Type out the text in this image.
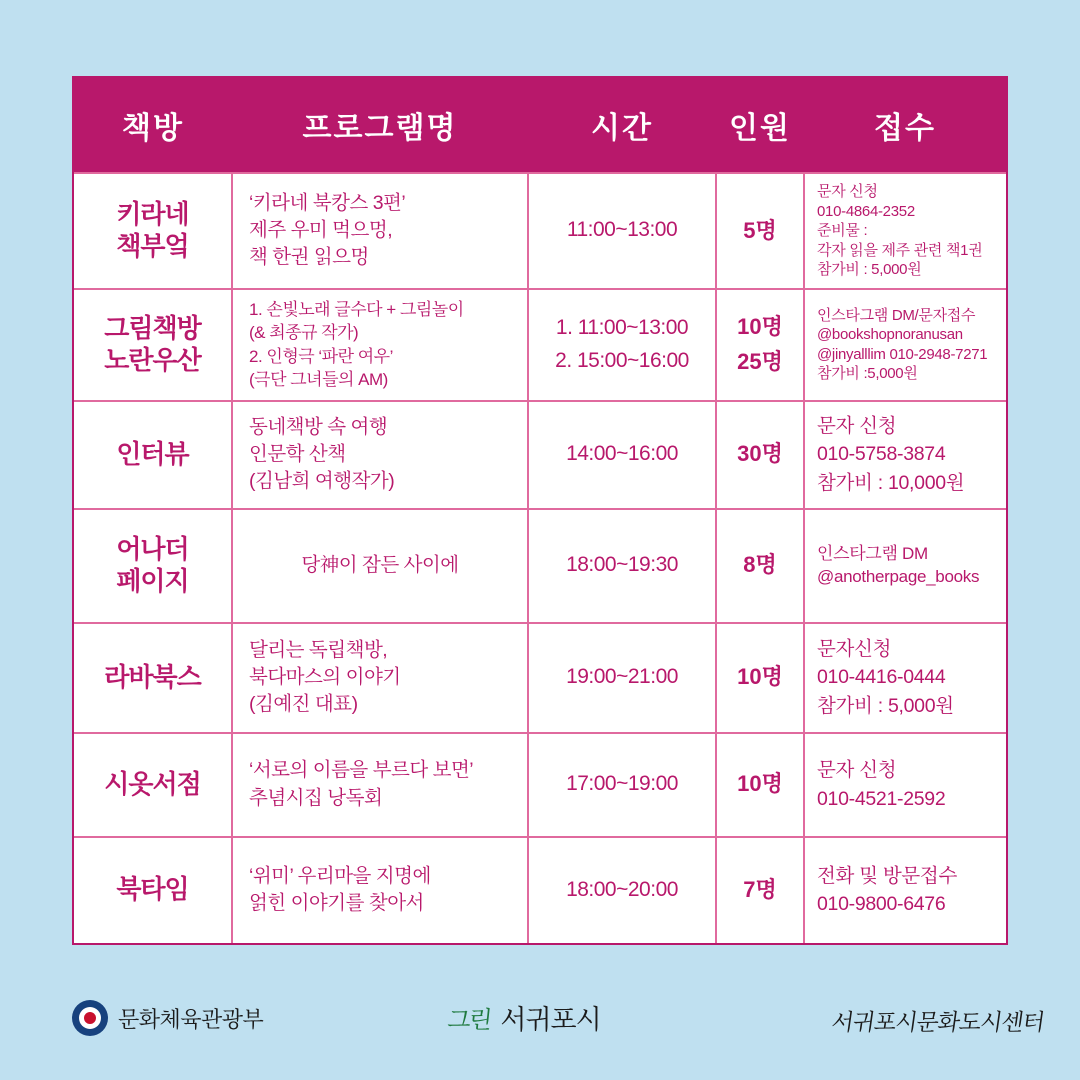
책방	프로그램명	시간	인원	접수

키라네
책부엌	‘키라네 북캉스 3편’
제주 우미 먹으멍,
책 한권 읽으멍	11:00~13:00	5명	문자 신청
010-4864-2352
준비물 :
각자 읽을 제주 관련 책1권
참가비 : 5,000원

그림책방
노란우산	1. 손빛노래 글수다 + 그림놀이
(& 최종규 작가)
2. 인형극 ‘파란 여우’
(극단 그녀들의 AM)	1. 11:00~13:00
2. 15:00~16:00	10명
25명	인스타그램 DM/문자접수
@bookshopnoranusan
@jinyalllim 010-2948-7271
참가비 :5,000원

인터뷰	동네책방 속 여행
인문학 산책
(김남희 여행작가)	14:00~16:00	30명	문자 신청
010-5758-3874
참가비 : 10,000원

어나더
페이지	당神이 잠든 사이에	18:00~19:30	8명	인스타그램 DM
@anotherpage_books

라바북스	달리는 독립책방,
북다마스의 이야기
(김예진 대표)	19:00~21:00	10명	문자신청
010-4416-0444
참가비 : 5,000원

시옷서점	‘서로의 이름을 부르다 보면’
추념시집 낭독회	17:00~19:00	10명	문자 신청
010-4521-2592

북타임	‘위미’ 우리마을 지명에
얽힌 이야기를 찾아서	18:00~20:00	7명	전화 및 방문접수
010-9800-6476
문화체육관광부	그린 서귀포시	서귀포시문화도시센터
